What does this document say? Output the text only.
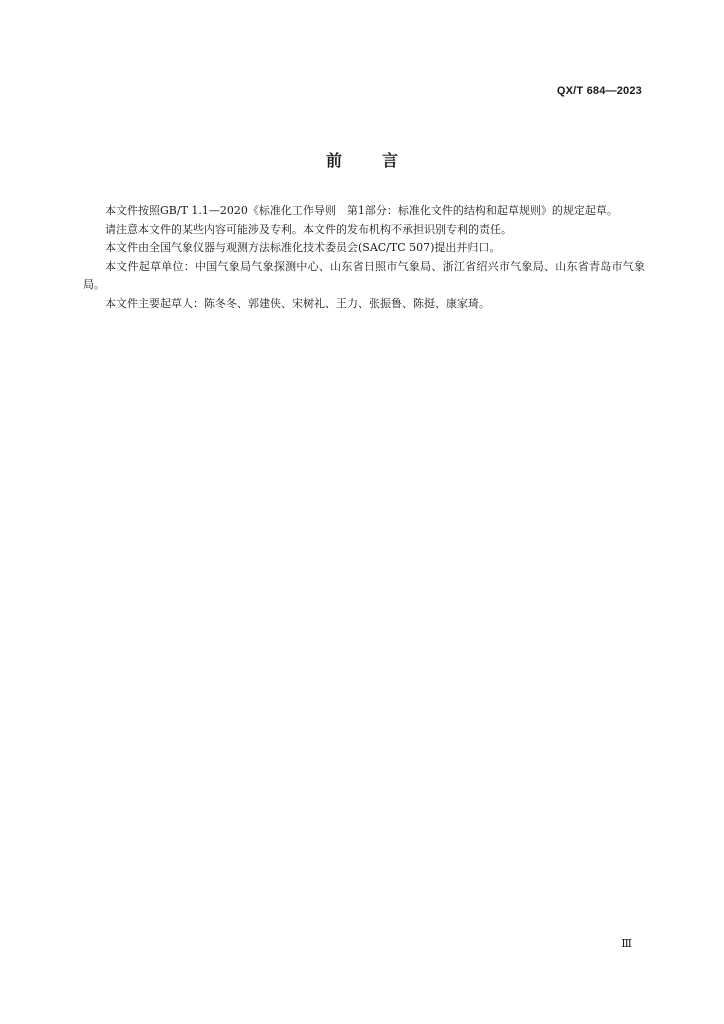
QX/T 684—2023
前	言

本文件按照GB/T 1.1—2020《标准化工作导则　第1部分：标准化文件的结构和起草规则》的规定起草。

请注意本文件的某些内容可能涉及专利。本文件的发布机构不承担识别专利的责任。

本文件由全国气象仪器与观测方法标准化技术委员会(SAC/TC 507)提出并归口。

本文件起草单位：中国气象局气象探测中心、山东省日照市气象局、浙江省绍兴市气象局、山东省青岛市气象局。

本文件主要起草人：陈冬冬、郭建侠、宋树礼、王力、张振鲁、陈挺、康家琦。

Ⅲ
